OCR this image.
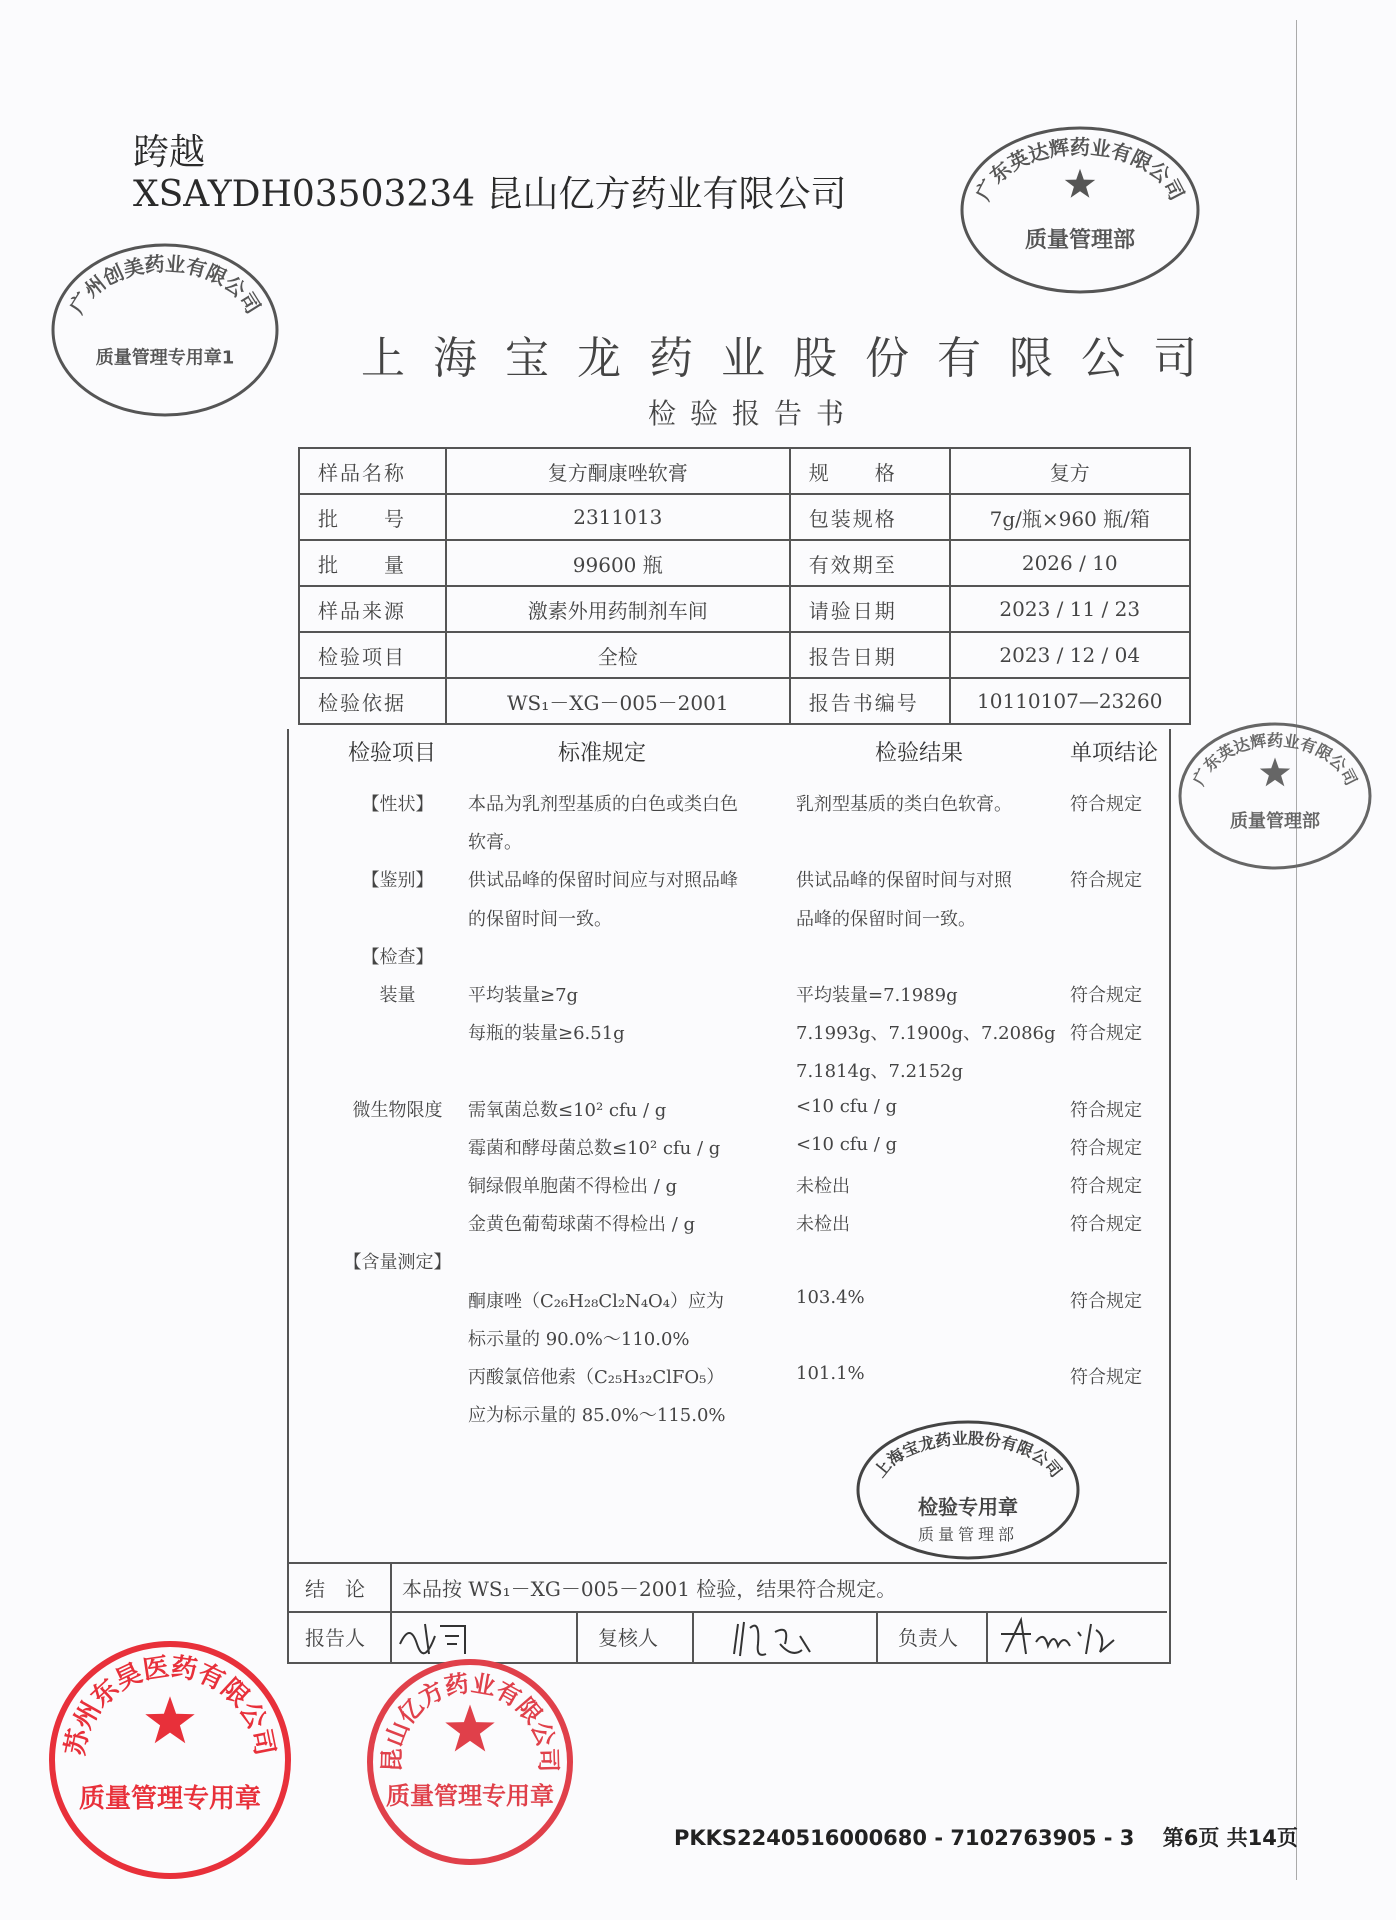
跨越
XSAYDH03503234 昆山亿方药业有限公司
上海宝龙药业股份有限公司
检验报告书
样品名称	复方酮康唑软膏	规　　格	复方
批　　号	2311013	包装规格	7g/瓶×960 瓶/箱
批　　量	99600 瓶	有效期至	2026 / 10
样品来源	激素外用药制剂车间	请验日期	2023 / 11 / 23
检验项目	全检	报告日期	2023 / 12 / 04
检验依据	WS₁－XG－005－2001	报告书编号	10110107—23260
检验项目	标准规定	检验结果	单项结论
【性状】	本品为乳剂型基质的白色或类白色	乳剂型基质的类白色软膏。	符合规定
软膏。
【鉴别】	供试品峰的保留时间应与对照品峰	供试品峰的保留时间与对照	符合规定
的保留时间一致。	品峰的保留时间一致。
【检查】
装量	平均装量≥7g	平均装量=7.1989g	符合规定
每瓶的装量≥6.51g	7.1993g、7.1900g、7.2086g 符合规定
7.1814g、7.2152g
微生物限度	需氧菌总数≤10² cfu / g	<10 cfu / g	符合规定
霉菌和酵母菌总数≤10² cfu / g	<10 cfu / g	符合规定
铜绿假单胞菌不得检出 / g	未检出	符合规定
金黄色葡萄球菌不得检出 / g	未检出	符合规定
【含量测定】
酮康唑（C₂₆H₂₈Cl₂N₄O₄）应为	103.4%	符合规定
标示量的 90.0%～110.0%
丙酸氯倍他索（C₂₅H₃₂ClFO₅）	101.1%	符合规定
应为标示量的 85.0%～115.0%
结　论 本品按 WS₁－XG－005－2001 检验，结果符合规定。
报告人	复核人	负责人
PKKS2240516000680 - 7102763905 - 3　 第6页 共14页
广州创美药业有限公司
质量管理专用章1
广东英达辉药业有限公司
质量管理部
广东英达辉药业有限公司
质量管理部
昆山亿方药业有限公司
质量管理专用章
上海宝龙药业股份有限公司
检验专用章
质量管理部
苏州东昊医药有限公司
质量管理专用章
